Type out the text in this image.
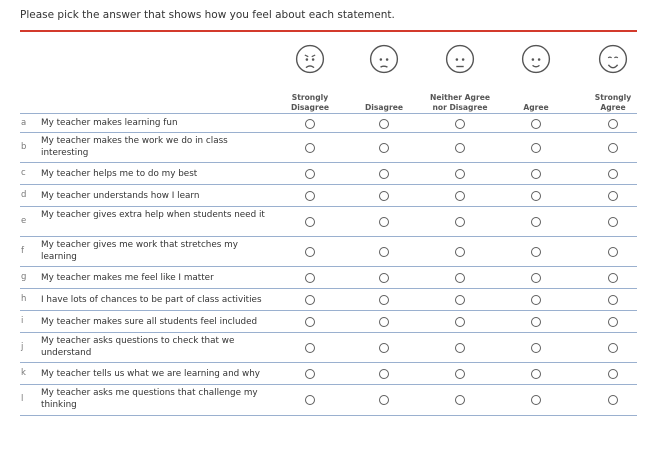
Please pick the answer that shows how you feel about each statement.
Strongly
Disagree	Disagree
Neither Agree
nor Disagree	Agree
Strongly
Agree
a My teacher makes learning fun
b
My teacher makes the work we do in class interesting
c My teacher helps me to do my best
d My teacher understands how I learn
e
My teacher gives extra help when students need it
f
My teacher gives me work that stretches my learning
g My teacher makes me feel like I matter
h I have lots of chances to be part of class activities
i My teacher makes sure all students feel included
j
My teacher asks questions to check that we understand
k My teacher tells us what we are learning and why
l
My teacher asks me questions that challenge my thinking
